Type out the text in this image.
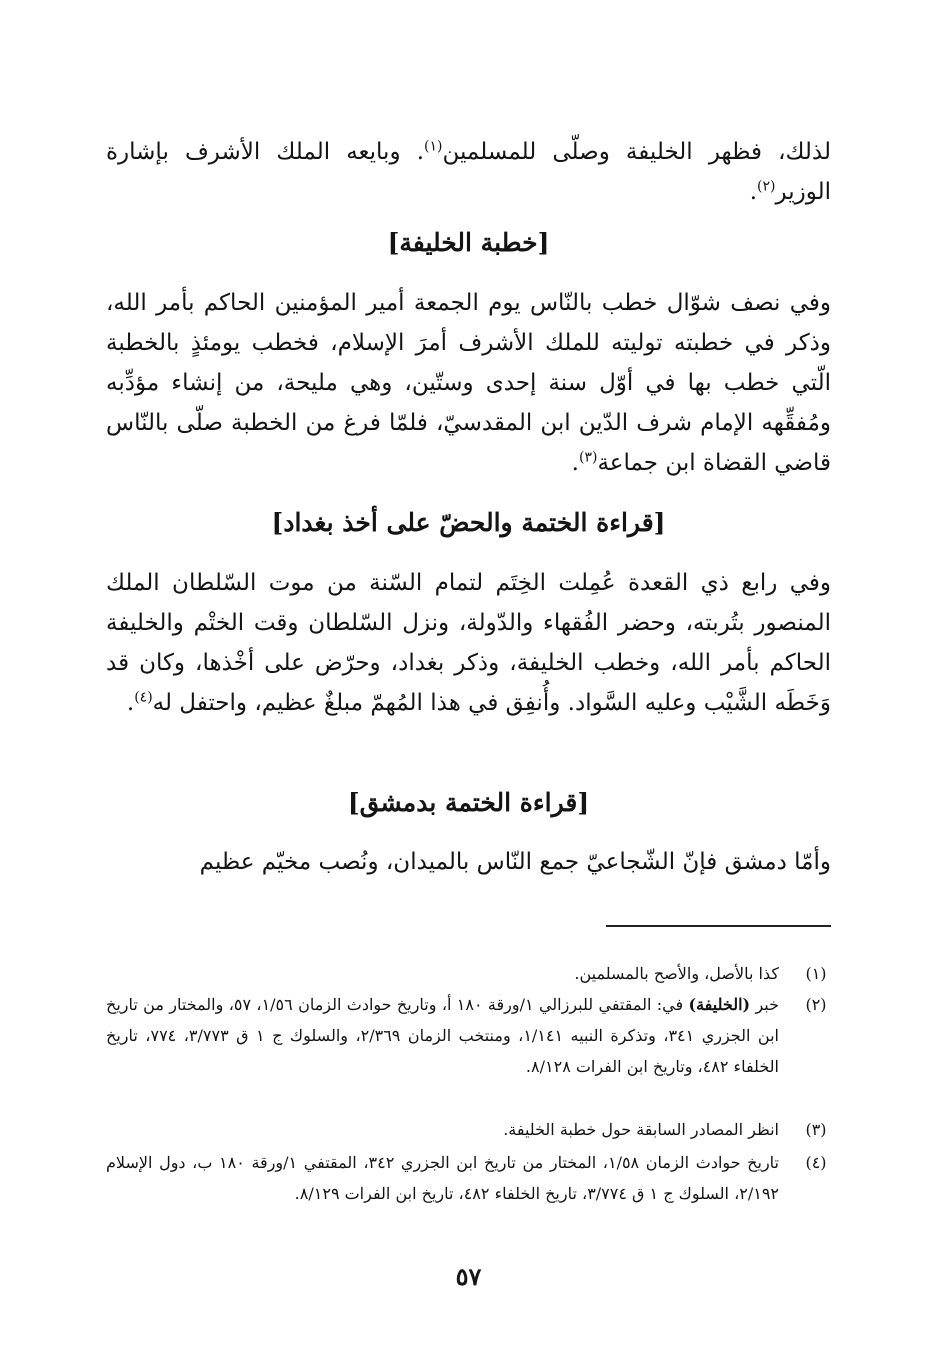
لذلك، فظهر الخليفة وصلّى للمسلمين$^{(١)}$. وبايعه الملك الأشرف بإشارة الوزير$^{(٢)}$.
[خطبة الخليفة]
وفي نصف شوّال خطب بالنّاس يوم الجمعة أمير المؤمنين الحاكم بأمر الله، وذكر في خطبته توليته للملك الأشرف أمرَ الإسلام، فخطب يومئذٍ بالخطبة الّتي خطب بها في أوّل سنة إحدى وستّين، وهي مليحة، من إنشاء مؤدِّبه ومُفقِّهه الإمام شرف الدّين ابن المقدسيّ، فلمّا فرغ من الخطبة صلّى بالنّاس قاضي القضاة ابن جماعة$^{(٣)}$.
[قراءة الختمة والحضّ على أخذ بغداد]
وفي رابع ذي القعدة عُمِلت الخِتَم لتمام السّنة من موت السّلطان الملك المنصور بتُربته، وحضر الفُقهاء والدّولة، ونزل السّلطان وقت الختْم والخليفة الحاكم بأمر الله، وخطب الخليفة، وذكر بغداد، وحرّض على أخْذها، وكان قد وَخَطَه الشَّيْب وعليه السَّواد. وأُنفِق في هذا المُهمّ مبلغٌ عظيم، واحتفل له$^{(٤)}$.
[قراءة الختمة بدمشق]
وأمّا دمشق فإنّ الشّجاعيّ جمع النّاس بالميدان، ونُصب مخيّم عظيم
(١)
كذا بالأصل، والأصح بالمسلمين.
(٢)
خبر (الخليفة) في: المقتفي للبرزالي ١/ورقة ١٨٠ أ، وتاريخ حوادث الزمان ١/٥٦، ٥٧، والمختار من تاريخ ابن الجزري ٣٤١، وتذكرة النبيه ١/١٤١، ومنتخب الزمان ٢/٣٦٩، والسلوك ج ١ ق ٣/٧٧٣، ٧٧٤، تاريخ الخلفاء ٤٨٢، وتاريخ ابن الفرات ٨/١٢٨.
(٣)
انظر المصادر السابقة حول خطبة الخليفة.
(٤)
تاريخ حوادث الزمان ١/٥٨، المختار من تاريخ ابن الجزري ٣٤٢، المقتفي ١/ورقة ١٨٠ ب، دول الإسلام ٢/١٩٢، السلوك ج ١ ق ٣/٧٧٤، تاريخ الخلفاء ٤٨٢، تاريخ ابن الفرات ٨/١٢٩.
٥٧
